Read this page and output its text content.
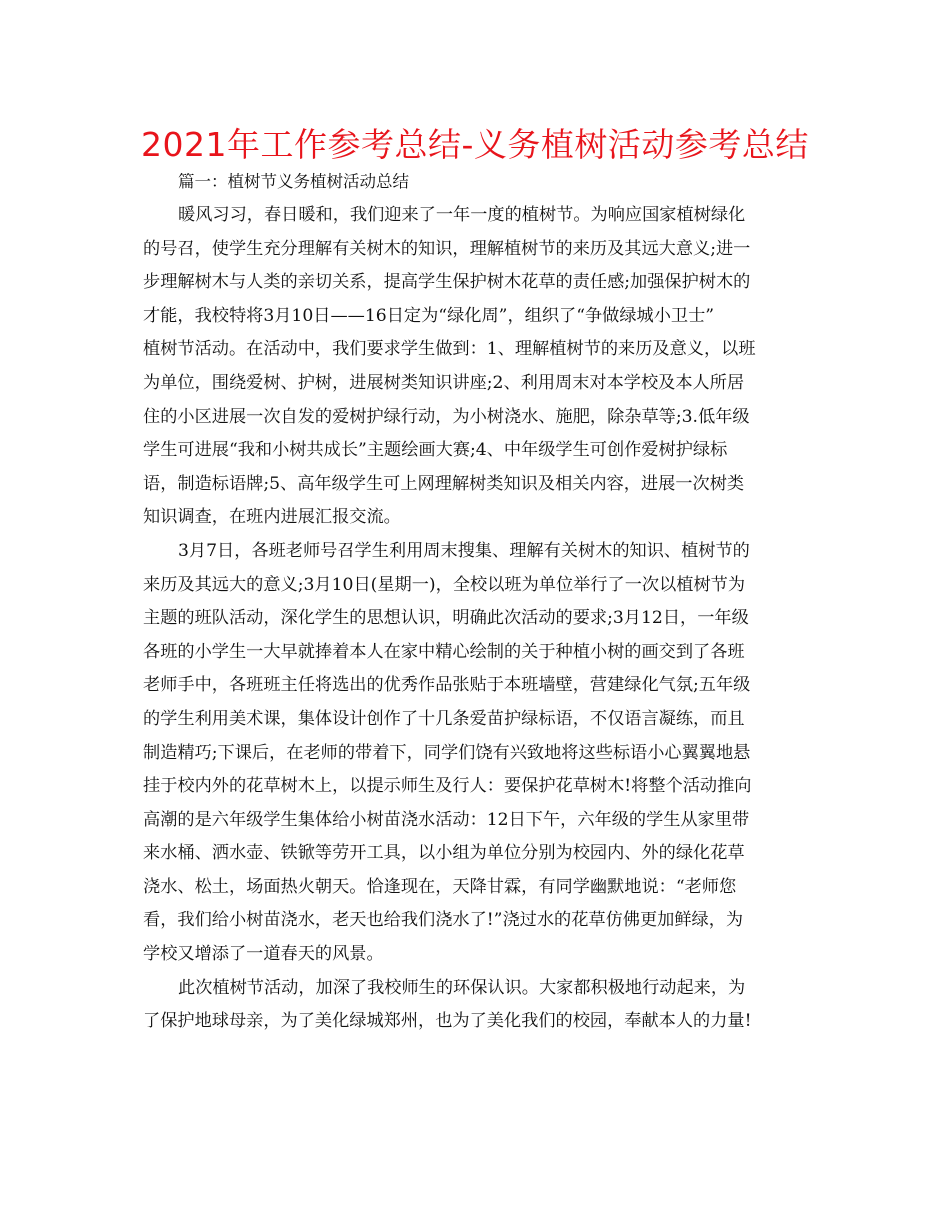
2021年工作参考总结-义务植树活动参考总结
篇一：植树节义务植树活动总结
暖风习习，春日暖和，我们迎来了一年一度的植树节。为响应国家植树绿化
的号召，使学生充分理解有关树木的知识，理解植树节的来历及其远大意义;进一
步理解树木与人类的亲切关系，提高学生保护树木花草的责任感;加强保护树木的
才能，我校特将3月10日——16日定为“绿化周”，组织了“争做绿城小卫士”
植树节活动。在活动中，我们要求学生做到：1、理解植树节的来历及意义，以班
为单位，围绕爱树、护树，进展树类知识讲座;2、利用周末对本学校及本人所居
住的小区进展一次自发的爱树护绿行动，为小树浇水、施肥，除杂草等;3.低年级
学生可进展“我和小树共成长”主题绘画大赛;4、中年级学生可创作爱树护绿标
语，制造标语牌;5、高年级学生可上网理解树类知识及相关内容，进展一次树类
知识调查，在班内进展汇报交流。
3月7日，各班老师号召学生利用周末搜集、理解有关树木的知识、植树节的
来历及其远大的意义;3月10日(星期一)，全校以班为单位举行了一次以植树节为
主题的班队活动，深化学生的思想认识，明确此次活动的要求;3月12日，一年级
各班的小学生一大早就捧着本人在家中精心绘制的关于种植小树的画交到了各班
老师手中，各班班主任将选出的优秀作品张贴于本班墙壁，营建绿化气氛;五年级
的学生利用美术课，集体设计创作了十几条爱苗护绿标语，不仅语言凝练，而且
制造精巧;下课后，在老师的带着下，同学们饶有兴致地将这些标语小心翼翼地悬
挂于校内外的花草树木上，以提示师生及行人：要保护花草树木!将整个活动推向
高潮的是六年级学生集体给小树苗浇水活动：12日下午，六年级的学生从家里带
来水桶、洒水壶、铁锨等劳开工具，以小组为单位分别为校园内、外的绿化花草
浇水、松土，场面热火朝天。恰逢现在，天降甘霖，有同学幽默地说：“老师您
看，我们给小树苗浇水，老天也给我们浇水了!”浇过水的花草仿佛更加鲜绿，为
学校又增添了一道春天的风景。
此次植树节活动，加深了我校师生的环保认识。大家都积极地行动起来，为
了保护地球母亲，为了美化绿城郑州，也为了美化我们的校园，奉献本人的力量!
